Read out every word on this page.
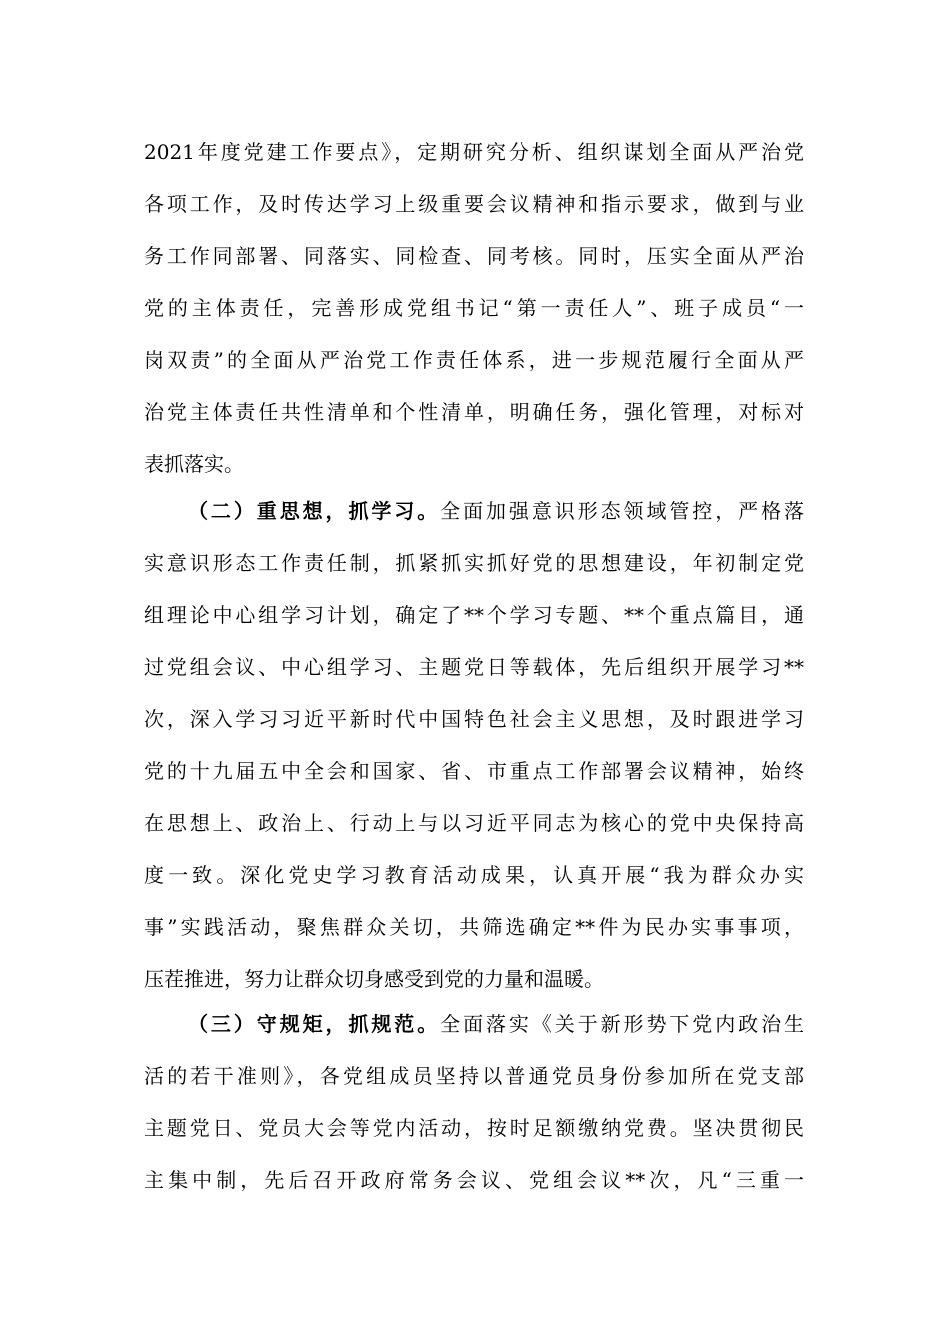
2021年度党建工作要点》，定期研究分析、组织谋划全面从严治党
各项工作，及时传达学习上级重要会议精神和指示要求，做到与业
务工作同部署、同落实、同检查、同考核。同时，压实全面从严治
党的主体责任，完善形成党组书记“第一责任人”、班子成员“一
岗双责”的全面从严治党工作责任体系，进一步规范履行全面从严
治党主体责任共性清单和个性清单，明确任务，强化管理，对标对
表抓落实。
（二）重思想，抓学习。全面加强意识形态领域管控，严格落
实意识形态工作责任制，抓紧抓实抓好党的思想建设，年初制定党
组理论中心组学习计划，确定了**个学习专题、**个重点篇目，通
过党组会议、中心组学习、主题党日等载体，先后组织开展学习**
次，深入学习习近平新时代中国特色社会主义思想，及时跟进学习
党的十九届五中全会和国家、省、市重点工作部署会议精神，始终
在思想上、政治上、行动上与以习近平同志为核心的党中央保持高
度一致。深化党史学习教育活动成果，认真开展“我为群众办实
事”实践活动，聚焦群众关切，共筛选确定**件为民办实事事项，
压茬推进，努力让群众切身感受到党的力量和温暖。
（三）守规矩，抓规范。全面落实《关于新形势下党内政治生
活的若干准则》，各党组成员坚持以普通党员身份参加所在党支部
主题党日、党员大会等党内活动，按时足额缴纳党费。坚决贯彻民
主集中制，先后召开政府常务会议、党组会议**次，凡“三重一
